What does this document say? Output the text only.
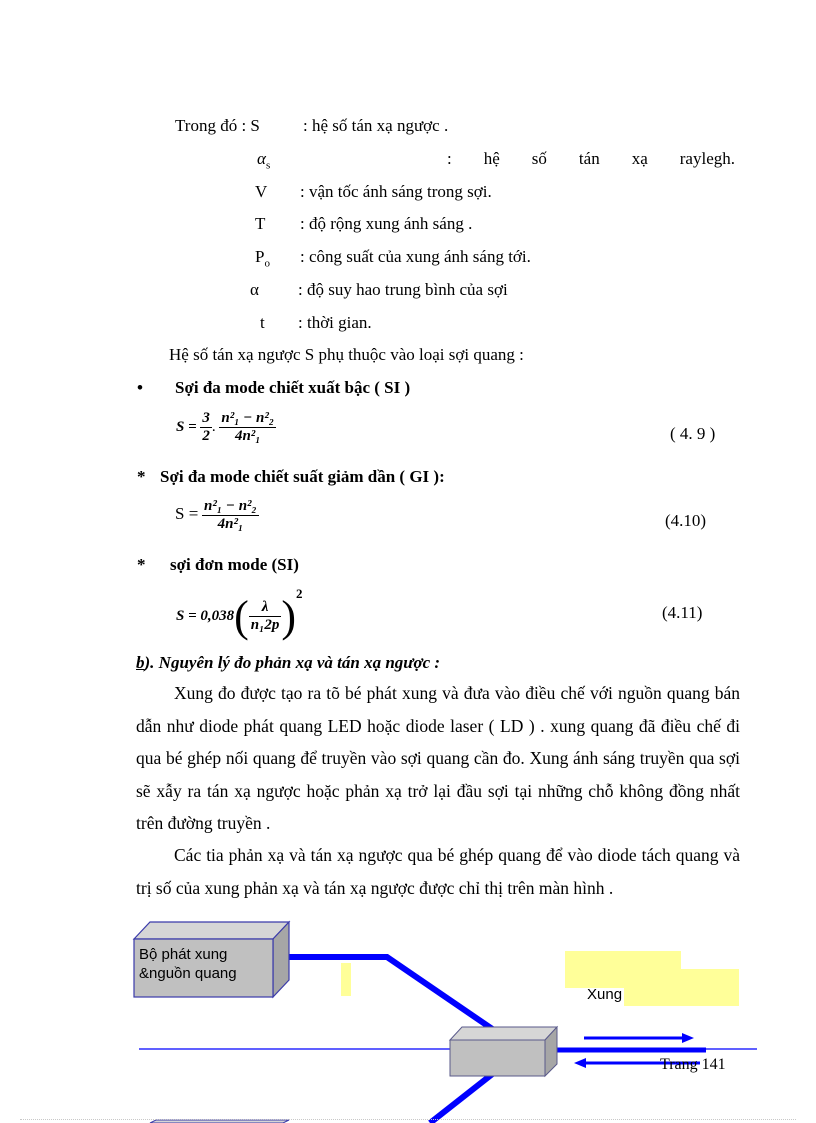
Trong đó : S	: hệ số tán xạ ngược .
$\alpha_s$	: hệ số tán xạ raylegh.
V : vận tốc ánh sáng trong sợi.
T : độ rộng xung ánh sáng .
$P_o$ : công suất của xung ánh sáng tới.
α : độ suy hao trung bình của sợi
t : thời gian.
Hệ số tán xạ ngược S phụ thuộc vào loại sợi quang :
• Sợi đa mode chiết xuất bậc ( SI )
$S = \frac{3}{2}$ . $\frac{\text{n²₁ − n²₂}}{\text{4n²₁}}$	( 4. 9 )
* Sợi đa mode chiết suất giảm dần ( GI ):
$S = \frac{\text{n²₁ − n²₂}}{\text{4n²₁}}$	(4.10)
* sợi đơn mode (SI)
$S = 0,038( \frac{\lambda}{\text{n₁2p}} )^2$
(4.11)
b). Nguyên lý đo phản xạ và tán xạ ngược :
Xung đo được tạo ra tõ bé phát xung và đưa vào điều chế với nguồn quang bán dẫn như diode phát quang LED hoặc diode laser ( LD ) . xung quang đã điều chế đi qua bé ghép nối quang để truyền vào sợi quang cần đo. Xung ánh sáng truyền qua sợi sẽ xẫy ra tán xạ ngược hoặc phản xạ trở lại đầu sợi tại những chỗ không đồng nhất trên đường truyền .
Các tia phản xạ và tán xạ ngược qua bé ghép quang để vào diode tách quang và trị số của xung phản xạ và tán xạ ngược được chỉ thị trên màn hình .
Xung
Bộ phát xung
&nguồn quang
Trang 141
